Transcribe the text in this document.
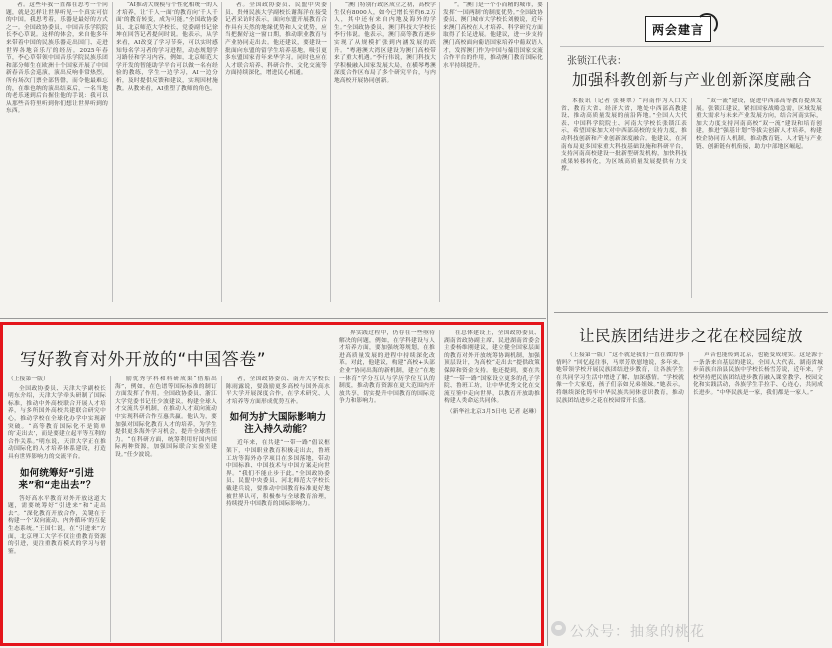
者。这些年我一直都在思考一个问题，就是怎样让世界听见一个真实可信的中国。我思考着，乐器是最好的方式之一。全国政协委员、中国音乐学院院长李心草说。这样的体会，来自他多年来带着中国的民族乐器走出国门、走进世界各地音乐厅的经历。2025年春节，李心草带领中国音乐学院民族乐团和部分师生在欧洲十个国家开展了中国新春音乐会巡演，演出反响非常热烈，所有场次门票全部售罄，而令他最难忘的，在维也纳的演出结束后，一名当地的老乐迷到后台握住他的手说：我可以从那些音符里听到你们想让世界听到的东西。

“AI推动大规模与个性化相统一的人才培养，让‘千人一面’的教育向‘千人千面’的教育转变，成为可能。”全国政协委员、北京师范大学校长、党委副书记徐坤在回答记者提问时说。他表示，从学来看，AI改变了学习节奏，可以实时感知每名学习者的学习进程，动态规划学习路径和学习内容。例如，北京师范大学开发的智能助学平台可以做一名有经验的教练，学生一边学习，AI一边分析，及时提供反馈和建议，实现因材施教。从教来看，AI重塑了教师的角色。

者。全国政协委员、民盟中央委员、贵州民族大学副校长谢海洋在接受记者采访时表示，面向东盟开展教育合作具有天然的地缘优势和人文优势，应当把握好这一窗口期，推动职业教育与产业协同走出去。他还建议，要建设一批面向东盟的留学生培养基地，吸引更多东盟国家青年来华学习。同时也应在人才联合培养、科研合作、文化交流等方面持续深化，增进民心相通。

“澳门特别行政区成立之初，高校学生仅有8000人，如今已增长至约6.2万人，其中还有来自内地及海外的学生。”全国政协委员、澳门科技大学校长李行伟说。他表示，澳门高等教育逐步实现了从规模扩张到内涵发展的跃升。“粤港澳大湾区建设为澳门高校带来了重大机遇。”李行伟说，澳门科技大学积极融入国家发展大局，在横琴粤澳深度合作区布局了多个研究平台，与内地高校开展协同创新。

”。“澳门是一个小而精的城市，要发挥‘一国两制’的制度优势。”全国政协委员、澳门城市大学校长刘骏说，近年来澳门高校在人才培养、科学研究方面取得了长足进展。他建议，进一步支持澳门高校面向葡语国家培养中葡双语人才，发挥澳门作为中国与葡语国家交流合作平台的作用，推动澳门教育国际化水平持续提升。

两会建言
张锁江代表：
加强科教创新与产业创新深度融合

本报讯（记者 张赛翠）“河南作为人口大省、教育大省、经济大省，地处中西部高教建设、推动高质量发展的前沿阵地。”全国人大代表、中国科学院院士、河南大学校长张锁江表示，希望国家加大对中西部高校的支持力度，推动科技创新和产业创新深度融合。他建议，在河南布局更多国家重大科技基础设施和科研平台，支持河南高校建设一批新型研发机构，加快科技成果转移转化，为区域高质量发展提供有力支撑。

“双一流”建设，促进中西部高等教育提质发展。张锁江建议，紧扣国家战略急需，区域发展重大需求与未来产业发展方向，结合河南实际，加大力度支持河南高校“双一流”建设和培育创建，推进“强基计划”等拔尖创新人才培养，构建校企协同育人机制，推动教育链、人才链与产业链、创新链有机衔接，助力中部地区崛起。

让民族团结进步之花在校园绽放

（上接第一版）“这不就是我们一直在做的事情吗？”回忆起往事，马翠芳欣慰地说，多年来，她带领学校开展民族团结进步教育，让各族学生在共同学习生活中增进了解、加深感情。“学校就像一个大家庭，孩子们亲如兄弟姐妹。”她表示，将继续深化铸牢中华民族共同体意识教育，推动民族团结进步之花在校园常开长盛。

声音也能传到北京，也能变成现实。这是源于一条条来自基层的建议。全国人大代表、湖南省城步苗族自治县民族中学校长杨雪芳说，近年来，学校坚持把民族团结进步教育融入课堂教学、校园文化和实践活动，各族学生手拉手、心连心，共同成长进步。“中华民族是一家，我们都是一家人。”

写好教育对外开放的“中国答卷”
（上接第一版）

全国政协委员、天津大学副校长明东介绍，天津大学牵头研制了国际标准，推动中外高校联合开展人才培养，与多所国外高校共建联合研究中心，推动学校在全球化办学中实现新突破。“高等教育国际化不是简单的‘走出去’，而是要建立起平等互利的合作关系。”明东说，天津大学正在推动国际化的人才培养体系建设，打造具有世界影响力的交流平台。

如何统筹好“引进来”和“走出去”？

答好高水平教育对外开放这道大题，需要统筹好“引进来”和“走出去”。“深化教育开放合作，关键在于构建一个‘双向流动、内外循环’的互促生态系统。”王国仁说，在“引进来”方面，北京理工大学不仅注重教育资源的引进，更注重教育模式的学习与借鉴。

励优秀学科和科研成果“借船出海”，例如，在色谱等国际标准的制订方面发挥了作用。全国政协委员、浙江大学党委书记任少波建议，构建全球人才交流共享机制，在推动人才双向流动中实现科研合作互惠共赢。他认为，要加强对国际化教育人才的培养，为学生提供更多海外学习机会，提升全球胜任力。“在科研方面，统筹利用好国内国际两种资源，加强国际联合实验室建设。”任少波说。

者，全国政协委员、南开大学校长陈雨露说，要鼓励更多高校与国外高水平大学开展深度合作，在学术研究、人才培养等方面形成优势互补。

如何为扩大国际影响力注入持久动能？

近年来，在共建“一带一路”倡议框架下，中国职业教育积极走出去，鲁班工坊等海外办学项目在多国落地，带动中国标准、中国技术与中国方案走向世界。“我们不能止步于此。”全国政协委员、民盟中央委员、河北师范大学校长戴建兵说，要推动中国教育标准更好地被世界认可，积极参与全球教育治理，持续提升中国教育的国际影响力。

界实践过程中，仍存在一些亟待解决的问题，例如，在学科建设与人才培养方面，要加强统筹规划，在推进高质量发展的进程中持续深化改革。对此，他建议，构建“高校+头部企业”协同出海的新机制，建立“在地一体育”学分互认与学历学位互认的制度，推动教育资源在更大范围内开放共享，切实提升中国教育的国际竞争力和影响力。

在总体建设上，全国政协委员、湖南省政协副主席、民进湖南省委会主委杨维刚建议，建立健全国家层面的教育对外开放统筹协调机制，加强顶层设计，为高校“走出去”提供政策保障和资金支持。他还提到，要在共建“一带一路”国家设立更多的孔子学院、鲁班工坊，让中华优秀文化在交流互鉴中走向世界，以教育开放助推构建人类命运共同体。

（新华社北京3月5日电 记者 赵琳）
公众号：抽象的桃花
